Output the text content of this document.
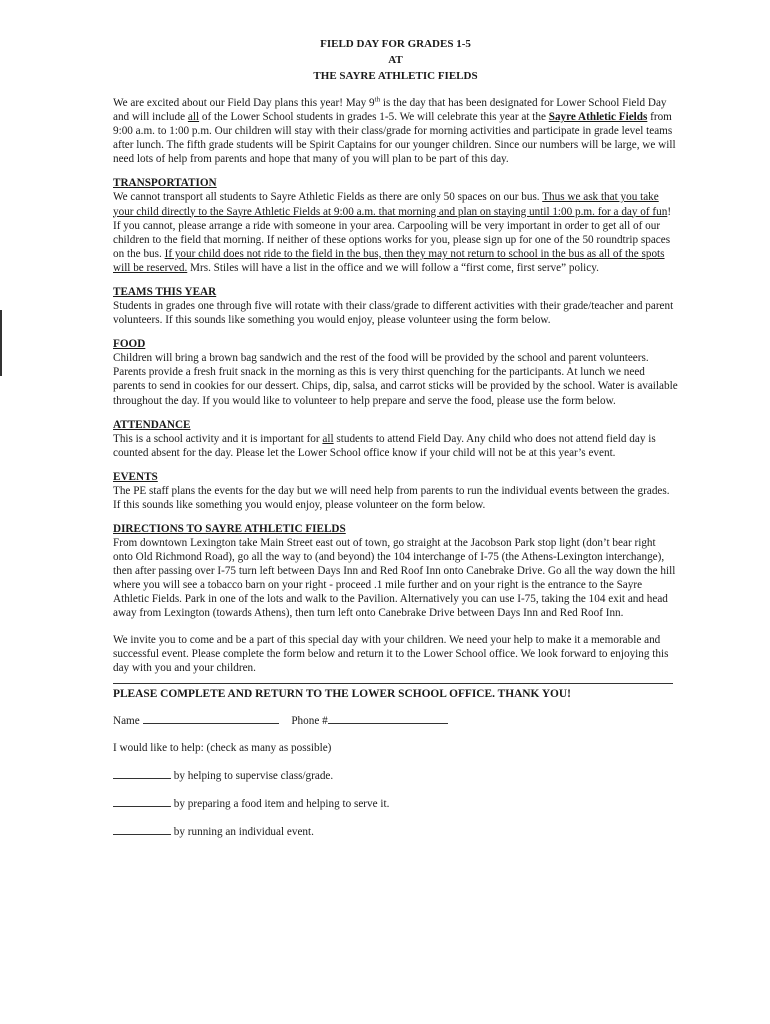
FIELD DAY FOR GRADES 1-5
AT
THE SAYRE ATHLETIC FIELDS

We are excited about our Field Day plans this year! May 9th is the day that has been designated for Lower School Field Day and will include all of the Lower School students in grades 1-5. We will celebrate this year at the Sayre Athletic Fields from 9:00 a.m. to 1:00 p.m. Our children will stay with their class/grade for morning activities and participate in grade level teams after lunch. The fifth grade students will be Spirit Captains for our younger children. Since our numbers will be large, we will need lots of help from parents and hope that many of you will plan to be part of this day.

TRANSPORTATION

We cannot transport all students to Sayre Athletic Fields as there are only 50 spaces on our bus. Thus we ask that you take your child directly to the Sayre Athletic Fields at 9:00 a.m. that morning and plan on staying until 1:00 p.m. for a day of fun! If you cannot, please arrange a ride with someone in your area. Carpooling will be very important in order to get all of our children to the field that morning. If neither of these options works for you, please sign up for one of the 50 roundtrip spaces on the bus. If your child does not ride to the field in the bus, then they may not return to school in the bus as all of the spots will be reserved. Mrs. Stiles will have a list in the office and we will follow a “first come, first serve” policy.

TEAMS THIS YEAR

Students in grades one through five will rotate with their class/grade to different activities with their grade/teacher and parent volunteers. If this sounds like something you would enjoy, please volunteer using the form below.

FOOD

Children will bring a brown bag sandwich and the rest of the food will be provided by the school and parent volunteers. Parents provide a fresh fruit snack in the morning as this is very thirst quenching for the participants. At lunch we need parents to send in cookies for our dessert. Chips, dip, salsa, and carrot sticks will be provided by the school. Water is available throughout the day. If you would like to volunteer to help prepare and serve the food, please use the form below.

ATTENDANCE

This is a school activity and it is important for all students to attend Field Day. Any child who does not attend field day is counted absent for the day. Please let the Lower School office know if your child will not be at this year’s event.

EVENTS

The PE staff plans the events for the day but we will need help from parents to run the individual events between the grades. If this sounds like something you would enjoy, please volunteer on the form below.

DIRECTIONS TO SAYRE ATHLETIC FIELDS

From downtown Lexington take Main Street east out of town, go straight at the Jacobson Park stop light (don’t bear right onto Old Richmond Road), go all the way to (and beyond) the 104 interchange of I-75 (the Athens-Lexington interchange), then after passing over I-75 turn left between Days Inn and Red Roof Inn onto Canebrake Drive. Go all the way down the hill where you will see a tobacco barn on your right - proceed .1 mile further and on your right is the entrance to the Sayre Athletic Fields. Park in one of the lots and walk to the Pavilion. Alternatively you can use I-75, taking the 104 exit and head away from Lexington (towards Athens), then turn left onto Canebrake Drive between Days Inn and Red Roof Inn.

We invite you to come and be a part of this special day with your children. We need your help to make it a memorable and successful event. Please complete the form below and return it to the Lower School office. We look forward to enjoying this day with you and your children.

PLEASE COMPLETE AND RETURN TO THE LOWER SCHOOL OFFICE. THANK YOU!
Name	Phone #
I would like to help: (check as many as possible)
by helping to supervise class/grade.
by preparing a food item and helping to serve it.
by running an individual event.
